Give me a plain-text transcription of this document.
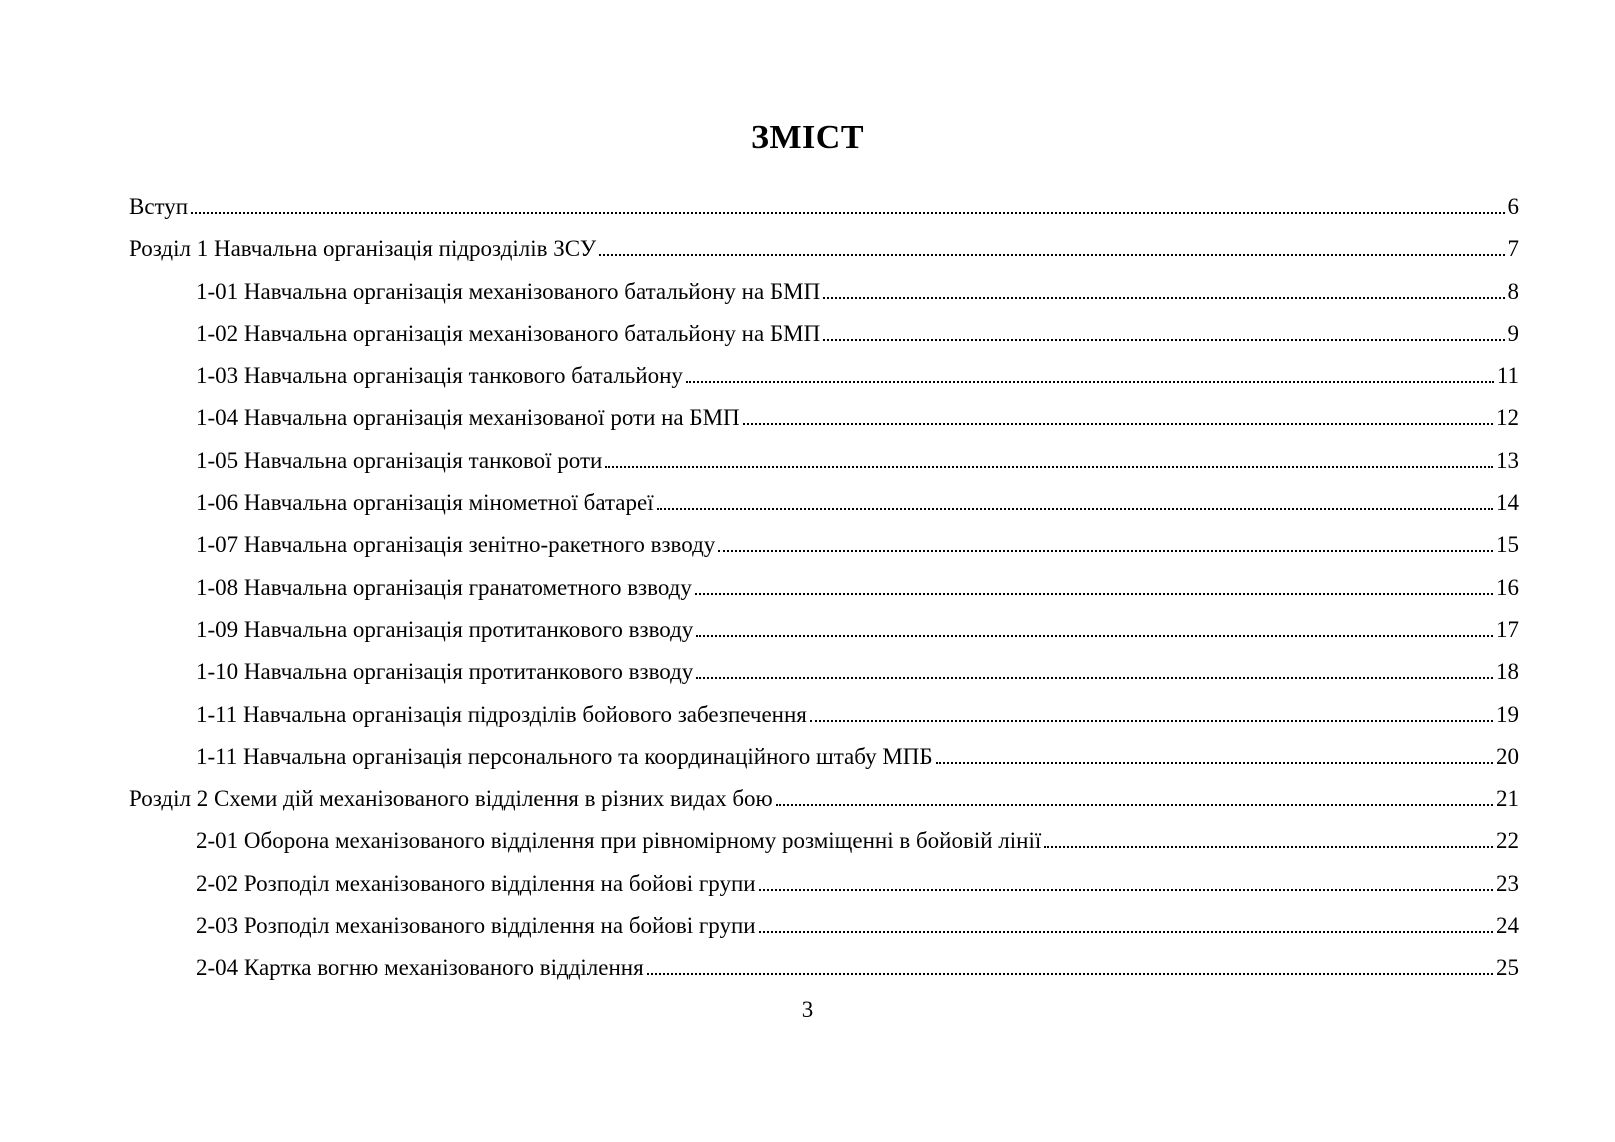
ЗМІСТ
Вступ	6
Розділ 1 Навчальна організація підрозділів ЗСУ	7
1-01 Навчальна організація механізованого батальйону на БМП	8
1-02 Навчальна організація механізованого батальйону на БМП	9
1-03 Навчальна організація танкового батальйону	11
1-04 Навчальна організація механізованої роти на БМП	12
1-05 Навчальна організація танкової роти	13
1-06 Навчальна організація мінометної батареї	14
1-07 Навчальна організація зенітно-ракетного взводу	15
1-08 Навчальна організація гранатометного взводу	16
1-09 Навчальна організація протитанкового взводу	17
1-10 Навчальна організація протитанкового взводу	18
1-11 Навчальна організація підрозділів бойового забезпечення	19
1-11 Навчальна організація персонального та координаційного штабу МПБ	20
Розділ 2 Схеми дій механізованого відділення в різних видах бою	21
2-01 Оборона механізованого відділення при рівномірному розміщенні в бойовій лінії	22
2-02 Розподіл механізованого відділення на бойові групи	23
2-03 Розподіл механізованого відділення на бойові групи	24
2-04 Картка вогню механізованого відділення	25
3
